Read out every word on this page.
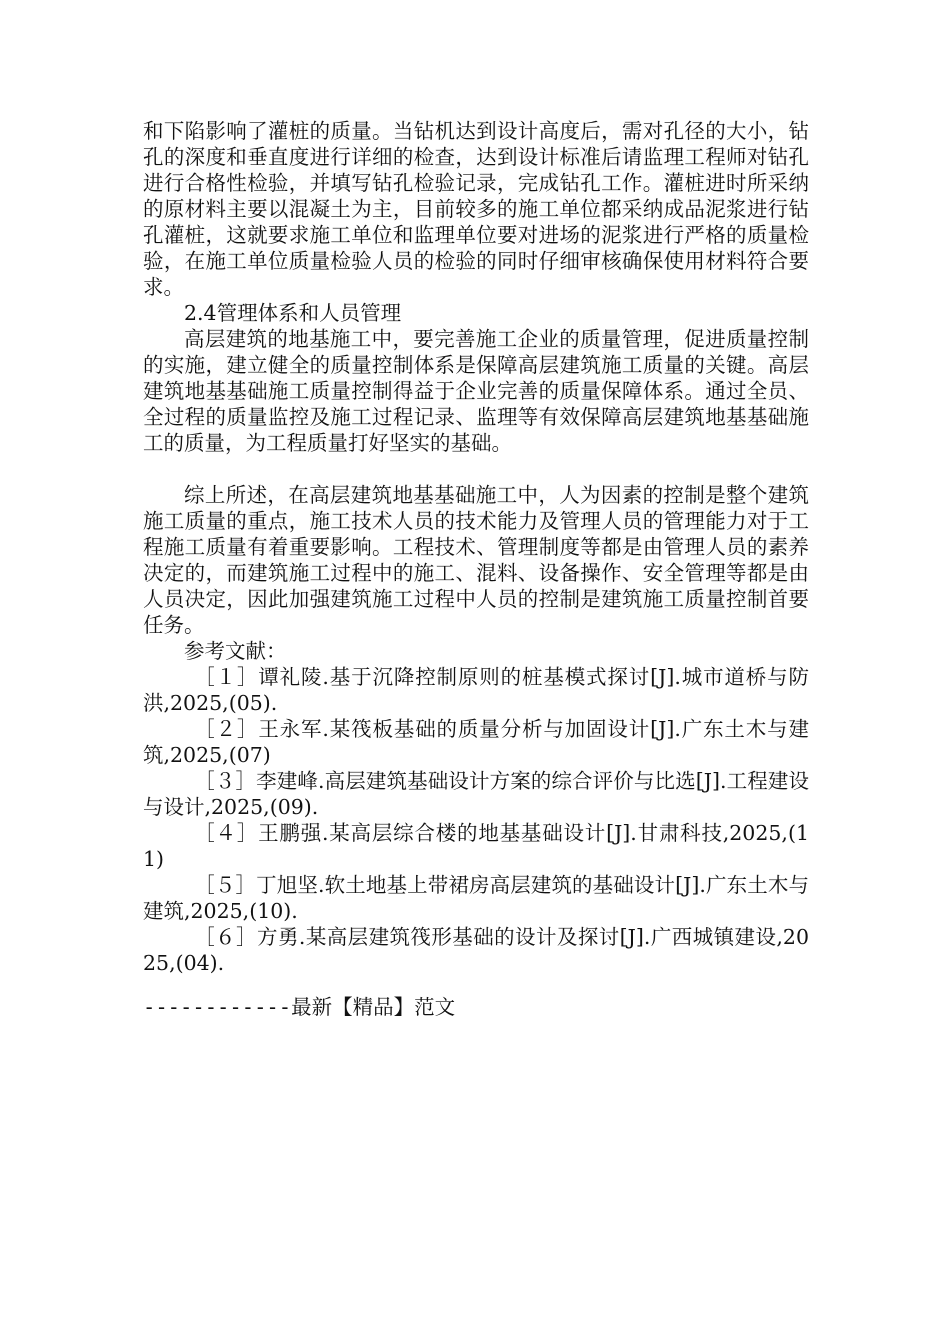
和下陷影响了灌桩的质量。当钻机达到设计高度后，需对孔径的大小，钻孔的深度和垂直度进行详细的检查，达到设计标准后请监理工程师对钻孔进行合格性检验，并填写钻孔检验记录，完成钻孔工作。灌桩进时所采纳的原材料主要以混凝土为主，目前较多的施工单位都采纳成品泥浆进行钻孔灌桩，这就要求施工单位和监理单位要对进场的泥浆进行严格的质量检验，在施工单位质量检验人员的检验的同时仔细审核确保使用材料符合要求。

2.4管理体系和人员管理

高层建筑的地基施工中，要完善施工企业的质量管理，促进质量控制的实施，建立健全的质量控制体系是保障高层建筑施工质量的关键。高层建筑地基基础施工质量控制得益于企业完善的质量保障体系。通过全员、全过程的质量监控及施工过程记录、监理等有效保障高层建筑地基基础施工的质量，为工程质量打好坚实的基础。

综上所述，在高层建筑地基基础施工中，人为因素的控制是整个建筑施工质量的重点，施工技术人员的技术能力及管理人员的管理能力对于工程施工质量有着重要影响。工程技术、管理制度等都是由管理人员的素养决定的，而建筑施工过程中的施工、混料、设备操作、安全管理等都是由人员决定，因此加强建筑施工过程中人员的控制是建筑施工质量控制首要任务。

参考文献：

［１］谭礼陵.基于沉降控制原则的桩基模式探讨[J].城市道桥与防洪,2025,(05).

［２］王永军.某筏板基础的质量分析与加固设计[J].广东土木与建筑,2025,(07)

［３］李建峰.高层建筑基础设计方案的综合评价与比选[J].工程建设与设计,2025,(09).

［４］王鹏强.某高层综合楼的地基基础设计[J].甘肃科技,2025,(11)

［５］丁旭坚.软土地基上带裙房高层建筑的基础设计[J].广东土木与建筑,2025,(10).

［６］方勇.某高层建筑筏形基础的设计及探讨[J].广西城镇建设,2025,(04).

------------最新【精品】范文
